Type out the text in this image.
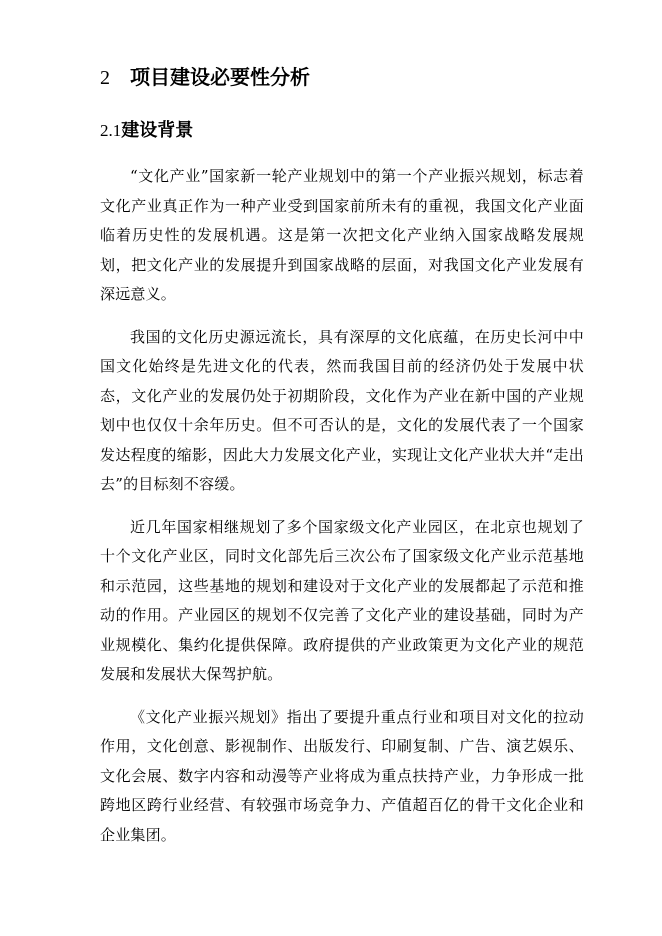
2 项目建设必要性分析
2.1建设背景

“文化产业”国家新一轮产业规划中的第一个产业振兴规划，标志着文化产业真正作为一种产业受到国家前所未有的重视，我国文化产业面临着历史性的发展机遇。这是第一次把文化产业纳入国家战略发展规划，把文化产业的发展提升到国家战略的层面，对我国文化产业发展有深远意义。

我国的文化历史源远流长，具有深厚的文化底蕴，在历史长河中中国文化始终是先进文化的代表，然而我国目前的经济仍处于发展中状态，文化产业的发展仍处于初期阶段，文化作为产业在新中国的产业规划中也仅仅十余年历史。但不可否认的是，文化的发展代表了一个国家发达程度的缩影，因此大力发展文化产业，实现让文化产业状大并“走出去”的目标刻不容缓。

近几年国家相继规划了多个国家级文化产业园区，在北京也规划了十个文化产业区，同时文化部先后三次公布了国家级文化产业示范基地和示范园，这些基地的规划和建设对于文化产业的发展都起了示范和推动的作用。产业园区的规划不仅完善了文化产业的建设基础，同时为产业规模化、集约化提供保障。政府提供的产业政策更为文化产业的规范发展和发展状大保驾护航。

《文化产业振兴规划》指出了要提升重点行业和项目对文化的拉动作用，文化创意、影视制作、出版发行、印刷复制、广告、演艺娱乐、文化会展、数字内容和动漫等产业将成为重点扶持产业，力争形成一批跨地区跨行业经营、有较强市场竞争力、产值超百亿的骨干文化企业和企业集团。
